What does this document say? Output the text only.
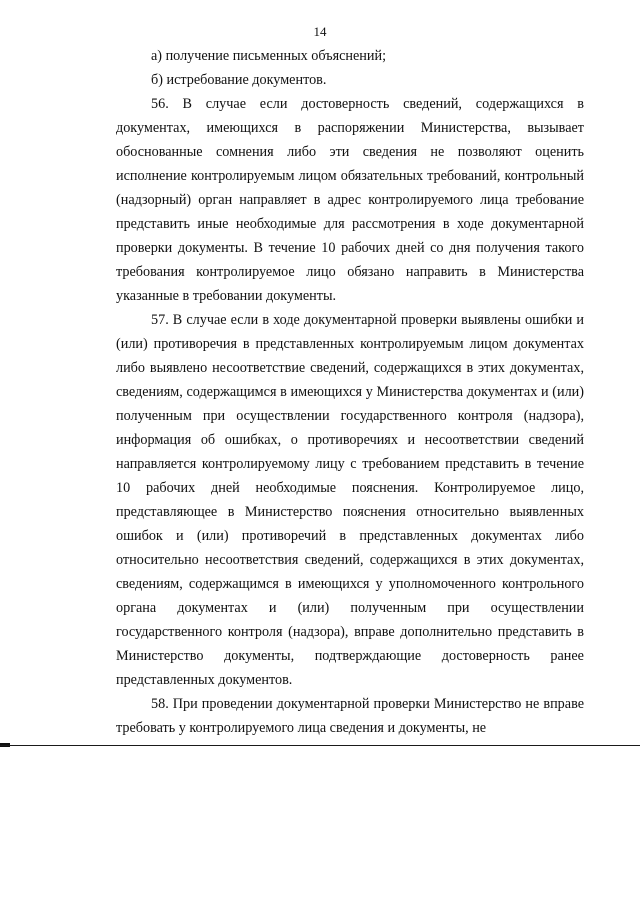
14

а) получение письменных объяснений;

б) истребование документов.

56. В случае если достоверность сведений, содержащихся в документах, имеющихся в распоряжении Министерства, вызывает обоснованные сомнения либо эти сведения не позволяют оценить исполнение контролируемым лицом обязательных требований, контрольный (надзорный) орган направляет в адрес контролируемого лица требование представить иные необходимые для рассмотрения в ходе документарной проверки документы. В течение 10 рабочих дней со дня получения такого требования контролируемое лицо обязано направить в Министерства указанные в требовании документы.

57. В случае если в ходе документарной проверки выявлены ошибки и (или) противоречия в представленных контролируемым лицом документах либо выявлено несоответствие сведений, содержащихся в этих документах, сведениям, содержащимся в имеющихся у Министерства документах и (или) полученным при осуществлении государственного контроля (надзора), информация об ошибках, о противоречиях и несоответствии сведений направляется контролируемому лицу с требованием представить в течение 10 рабочих дней необходимые пояснения. Контролируемое лицо, представляющее в Министерство пояснения относительно выявленных ошибок и (или) противоречий в представленных документах либо относительно несоответствия сведений, содержащихся в этих документах, сведениям, содержащимся в имеющихся у уполномоченного контрольного органа документах и (или) полученным при осуществлении государственного контроля (надзора), вправе дополнительно представить в Министерство документы, подтверждающие достоверность ранее представленных документов.

58. При проведении документарной проверки Министерство не вправе требовать у контролируемого лица сведения и документы, не
